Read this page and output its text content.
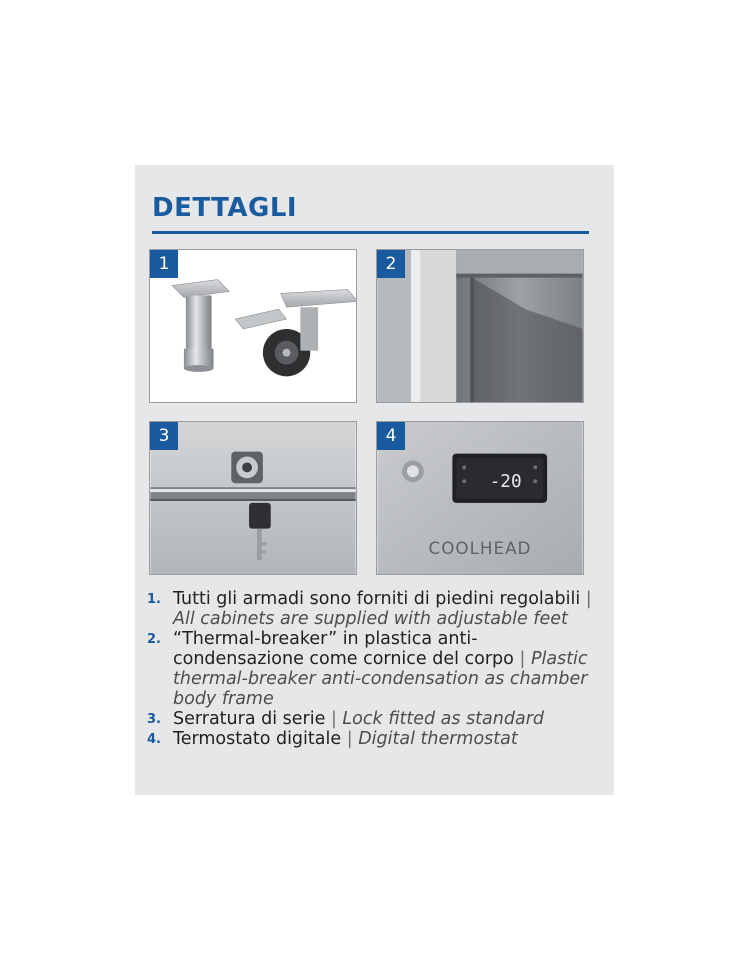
DETTAGLI
1	2
3	4
-20
COOLHEAD
1. Tutti gli armadi sono forniti di piedini regolabili | All cabinets are supplied with adjustable feet
2. “Thermal-breaker” in plastica anti-condensazione come cornice del corpo | Plastic thermal-breaker anti-condensation as chamber body frame
3. Serratura di serie | Lock fitted as standard
4. Termostato digitale | Digital thermostat
